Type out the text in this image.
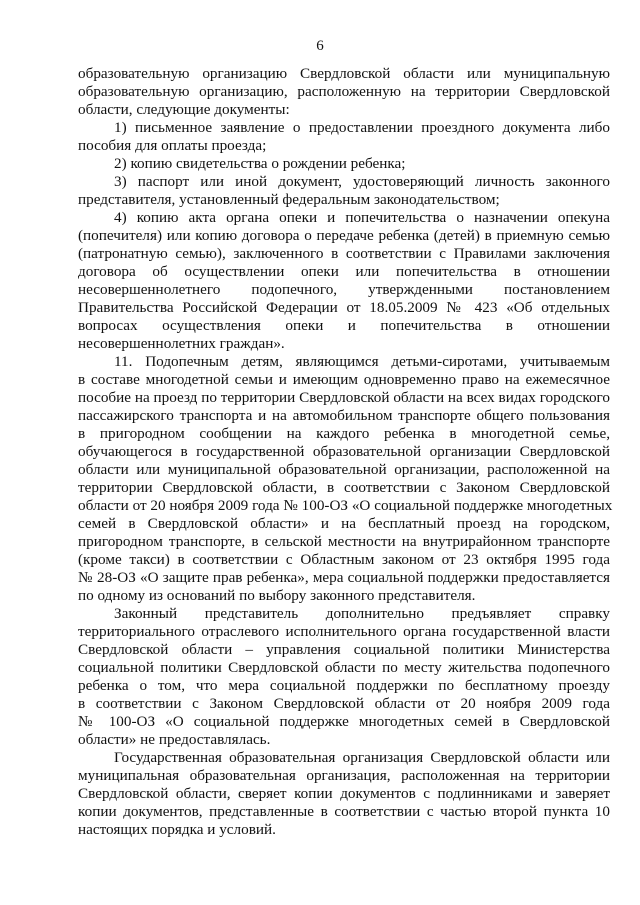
6

образовательную организацию Свердловской области или муниципальную
образовательную организацию, расположенную на территории Свердловской
области, следующие документы:

1) письменное заявление о предоставлении проездного документа либо
пособия для оплаты проезда;

2) копию свидетельства о рождении ребенка;

3) паспорт или иной документ, удостоверяющий личность законного
представителя, установленный федеральным законодательством;

4) копию акта органа опеки и попечительства о назначении опекуна
(попечителя) или копию договора о передаче ребенка (детей) в приемную семью
(патронатную семью), заключенного в соответствии с Правилами заключения
договора об осуществлении опеки или попечительства в отношении
несовершеннолетнего подопечного, утвержденными постановлением
Правительства Российской Федерации от 18.05.2009 № 423 «Об отдельных
вопросах осуществления опеки и попечительства в отношении
несовершеннолетних граждан».

11. Подопечным детям, являющимся детьми-сиротами, учитываемым
в составе многодетной семьи и имеющим одновременно право на ежемесячное
пособие на проезд по территории Свердловской области на всех видах городского
пассажирского транспорта и на автомобильном транспорте общего пользования
в пригородном сообщении на каждого ребенка в многодетной семье,
обучающегося в государственной образовательной организации Свердловской
области или муниципальной образовательной организации, расположенной на
территории Свердловской области, в соответствии с Законом Свердловской
области от 20 ноября 2009 года № 100-ОЗ «О социальной поддержке многодетных
семей в Свердловской области» и на бесплатный проезд на городском,
пригородном транспорте, в сельской местности на внутрирайонном транспорте
(кроме такси) в соответствии с Областным законом от 23 октября 1995 года
№ 28-ОЗ «О защите прав ребенка», мера социальной поддержки предоставляется
по одному из оснований по выбору законного представителя.

Законный представитель дополнительно предъявляет справку
территориального отраслевого исполнительного органа государственной власти
Свердловской области – управления социальной политики Министерства
социальной политики Свердловской области по месту жительства подопечного
ребенка о том, что мера социальной поддержки по бесплатному проезду
в соответствии с Законом Свердловской области от 20 ноября 2009 года
№ 100-ОЗ «О социальной поддержке многодетных семей в Свердловской
области» не предоставлялась.

Государственная образовательная организация Свердловской области или
муниципальная образовательная организация, расположенная на территории
Свердловской области, сверяет копии документов с подлинниками и заверяет
копии документов, представленные в соответствии с частью второй пункта 10
настоящих порядка и условий.
